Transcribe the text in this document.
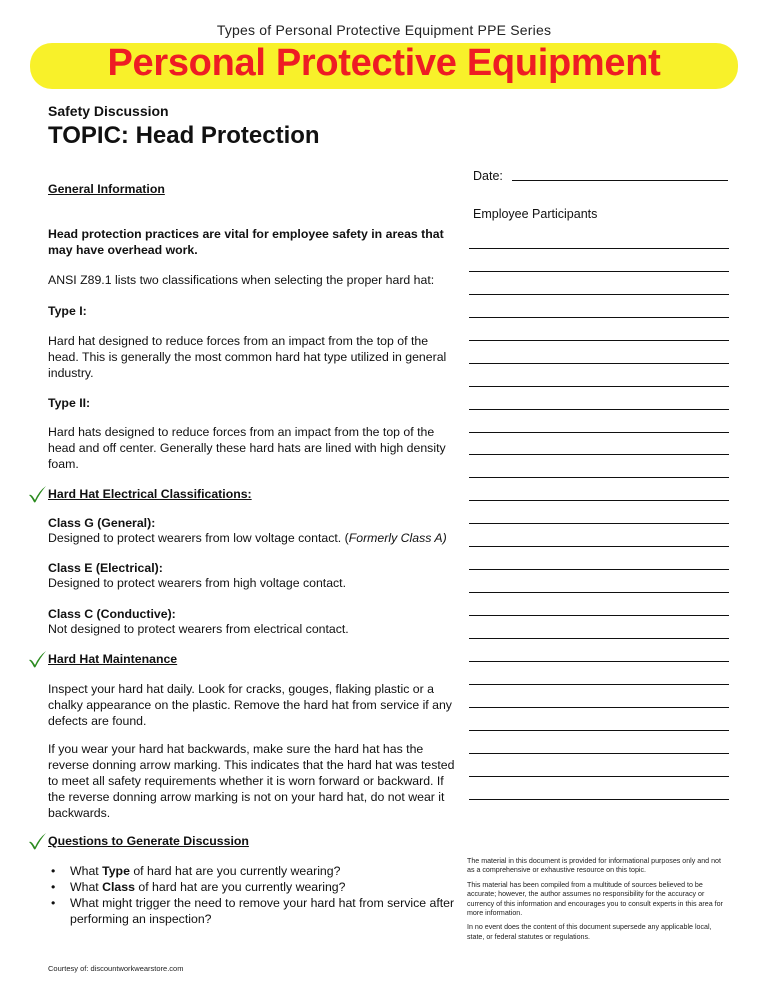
Types of Personal Protective Equipment PPE Series
Personal Protective Equipment
Safety Discussion
TOPIC: Head Protection
General Information
Head protection practices are vital for employee safety in areas that may have overhead work.
ANSI Z89.1 lists two classifications when selecting the proper hard hat:
Type I:
Hard hat designed to reduce forces from an impact from the top of the head. This is generally the most common hard hat type utilized in general industry.
Type II:
Hard hats designed to reduce forces from an impact from the top of the head and off center. Generally these hard hats are lined with high density foam.
Hard Hat Electrical Classifications:
Class G (General):
Designed to protect wearers from low voltage contact. (Formerly Class A)
Class E (Electrical):
Designed to protect wearers from high voltage contact.
Class C (Conductive):
Not designed to protect wearers from electrical contact.
Hard Hat Maintenance
Inspect your hard hat daily. Look for cracks, gouges, flaking plastic or a chalky appearance on the plastic. Remove the hard hat from service if any defects are found.
If you wear your hard hat backwards, make sure the hard hat has the reverse donning arrow marking. This indicates that the hard hat was tested to meet all safety requirements whether it is worn forward or backward. If the reverse donning arrow marking is not on your hard hat, do not wear it backwards.
Questions to Generate Discussion
• What Type of hard hat are you currently wearing?
• What Class of hard hat are you currently wearing?
• What might trigger the need to remove your hard hat from service after performing an inspection?
Courtesy of: discountworkwearstore.com
Date:
Employee Participants

The material in this document is provided for informational purposes only and not as a comprehensive or exhaustive resource on this topic.

This material has been compiled from a multitude of sources believed to be accurate; however, the author assumes no responsibility for the accuracy or currency of this information and encourages you to consult experts in this area for more information.

In no event does the content of this document supersede any applicable local, state, or federal statutes or regulations.
